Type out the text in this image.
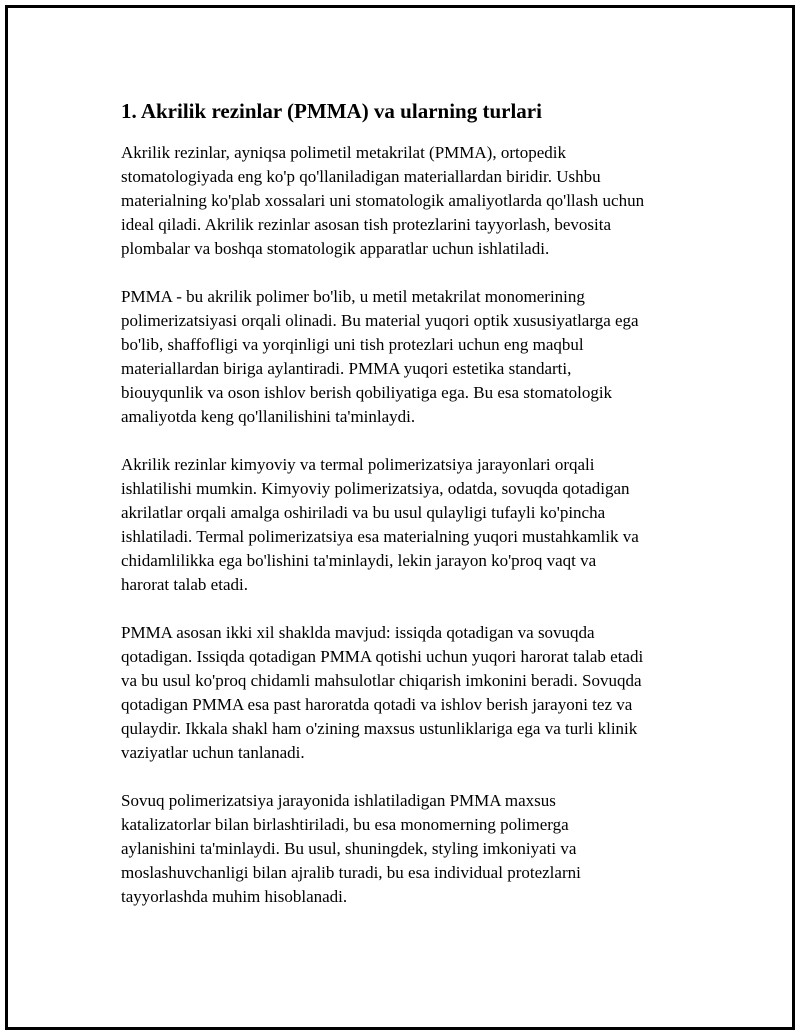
1. Akrilik rezinlar (PMMA) va ularning turlari

Akrilik rezinlar, ayniqsa polimetil metakrilat (PMMA), ortopedik
stomatologiyada eng ko'p qo'llaniladigan materiallardan biridir. Ushbu
materialning ko'plab xossalari uni stomatologik amaliyotlarda qo'llash uchun
ideal qiladi. Akrilik rezinlar asosan tish protezlarini tayyorlash, bevosita
plombalar va boshqa stomatologik apparatlar uchun ishlatiladi.

PMMA - bu akrilik polimer bo'lib, u metil metakrilat monomerining
polimerizatsiyasi orqali olinadi. Bu material yuqori optik xususiyatlarga ega
bo'lib, shaffofligi va yorqinligi uni tish protezlari uchun eng maqbul
materiallardan biriga aylantiradi. PMMA yuqori estetika standarti,
biouyqunlik va oson ishlov berish qobiliyatiga ega. Bu esa stomatologik
amaliyotda keng qo'llanilishini ta'minlaydi.

Akrilik rezinlar kimyoviy va termal polimerizatsiya jarayonlari orqali
ishlatilishi mumkin. Kimyoviy polimerizatsiya, odatda, sovuqda qotadigan
akrilatlar orqali amalga oshiriladi va bu usul qulayligi tufayli ko'pincha
ishlatiladi. Termal polimerizatsiya esa materialning yuqori mustahkamlik va
chidamlilikka ega bo'lishini ta'minlaydi, lekin jarayon ko'proq vaqt va
harorat talab etadi.

PMMA asosan ikki xil shaklda mavjud: issiqda qotadigan va sovuqda
qotadigan. Issiqda qotadigan PMMA qotishi uchun yuqori harorat talab etadi
va bu usul ko'proq chidamli mahsulotlar chiqarish imkonini beradi. Sovuqda
qotadigan PMMA esa past haroratda qotadi va ishlov berish jarayoni tez va
qulaydir. Ikkala shakl ham o'zining maxsus ustunliklariga ega va turli klinik
vaziyatlar uchun tanlanadi.

Sovuq polimerizatsiya jarayonida ishlatiladigan PMMA maxsus
katalizatorlar bilan birlashtiriladi, bu esa monomerning polimerga
aylanishini ta'minlaydi. Bu usul, shuningdek, styling imkoniyati va
moslashuvchanligi bilan ajralib turadi, bu esa individual protezlarni
tayyorlashda muhim hisoblanadi.
